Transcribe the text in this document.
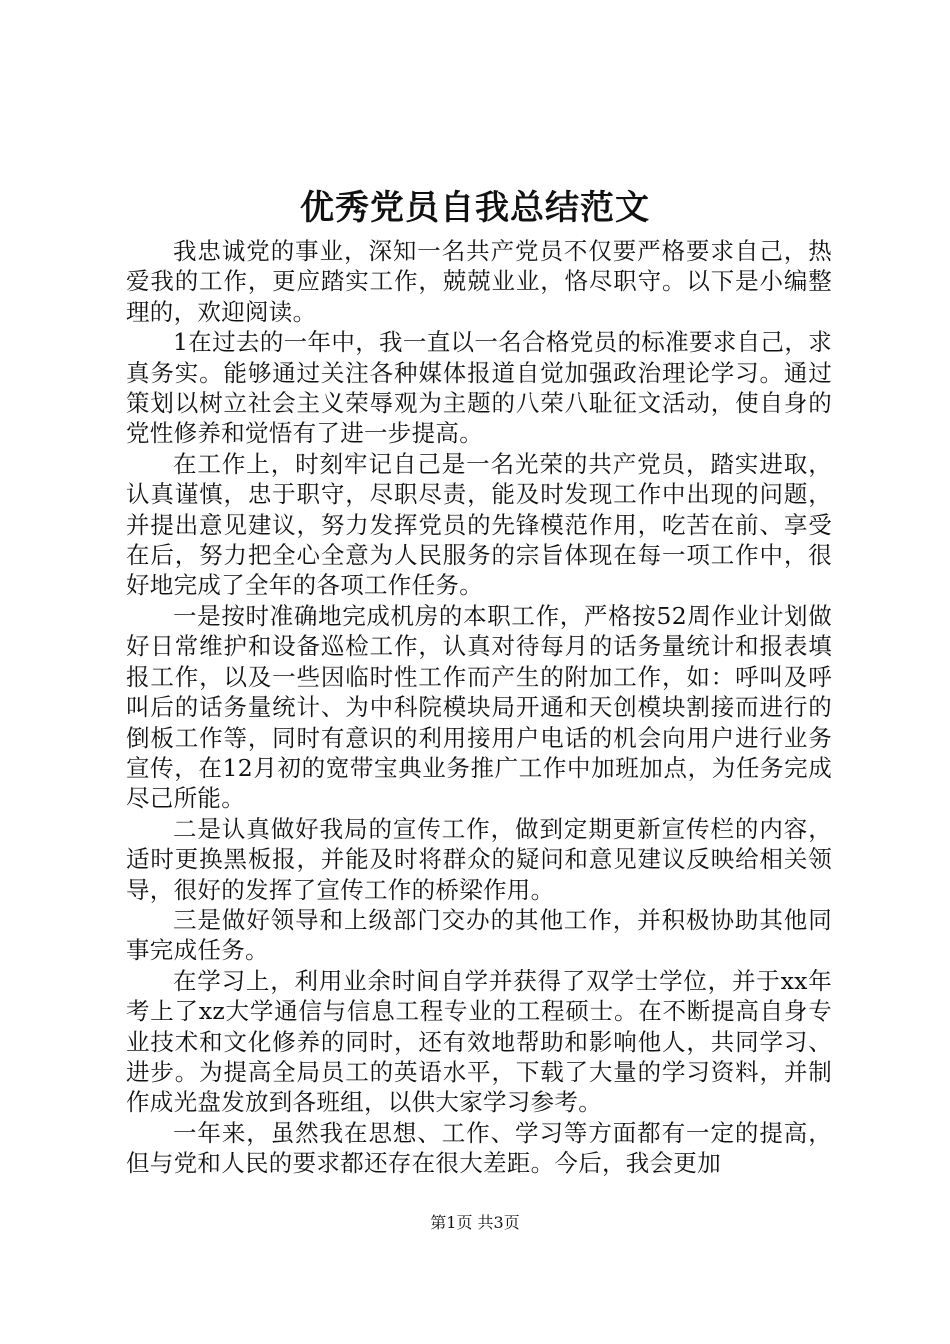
优秀党员自我总结范文

我忠诚党的事业，深知一名共产党员不仅要严格要求自己，热爱我的工作，更应踏实工作，兢兢业业，恪尽职守。以下是小编整理的，欢迎阅读。

1在过去的一年中，我一直以一名合格党员的标准要求自己，求真务实。能够通过关注各种媒体报道自觉加强政治理论学习。通过策划以树立社会主义荣辱观为主题的八荣八耻征文活动，使自身的党性修养和觉悟有了进一步提高。

在工作上，时刻牢记自己是一名光荣的共产党员，踏实进取，认真谨慎，忠于职守，尽职尽责，能及时发现工作中出现的问题，并提出意见建议，努力发挥党员的先锋模范作用，吃苦在前、享受在后，努力把全心全意为人民服务的宗旨体现在每一项工作中，很好地完成了全年的各项工作任务。

一是按时准确地完成机房的本职工作，严格按52周作业计划做好日常维护和设备巡检工作，认真对待每月的话务量统计和报表填报工作，以及一些因临时性工作而产生的附加工作，如：呼叫及呼叫后的话务量统计、为中科院模块局开通和天创模块割接而进行的倒板工作等，同时有意识的利用接用户电话的机会向用户进行业务宣传，在12月初的宽带宝典业务推广工作中加班加点，为任务完成尽己所能。

二是认真做好我局的宣传工作，做到定期更新宣传栏的内容，适时更换黑板报，并能及时将群众的疑问和意见建议反映给相关领导，很好的发挥了宣传工作的桥梁作用。

三是做好领导和上级部门交办的其他工作，并积极协助其他同事完成任务。

在学习上，利用业余时间自学并获得了双学士学位，并于xx年考上了xz大学通信与信息工程专业的工程硕士。在不断提高自身专业技术和文化修养的同时，还有效地帮助和影响他人，共同学习、进步。为提高全局员工的英语水平，下载了大量的学习资料，并制作成光盘发放到各班组，以供大家学习参考。

一年来，虽然我在思想、工作、学习等方面都有一定的提高，但与党和人民的要求都还存在很大差距。今后，我会更加

第1页 共3页
